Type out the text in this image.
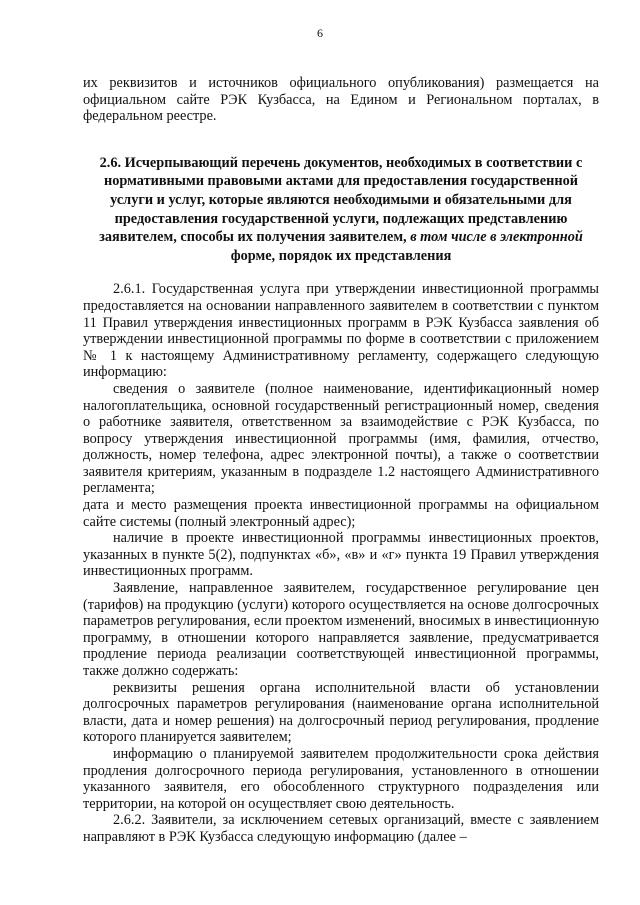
6

их реквизитов и источников официального опубликования) размещается на официальном сайте РЭК Кузбасса, на Едином и Региональном порталах, в федеральном реестре.

2.6. Исчерпывающий перечень документов, необходимых в соответствии с нормативными правовыми актами для предоставления государственной услуги и услуг, которые являются необходимыми и обязательными для предоставления государственной услуги, подлежащих представлению заявителем, способы их получения заявителем, в том числе в электронной форме, порядок их представления

2.6.1. Государственная услуга при утверждении инвестиционной программы предоставляется на основании направленного заявителем в соответствии с пунктом 11 Правил утверждения инвестиционных программ в РЭК Кузбасса заявления об утверждении инвестиционной программы по форме в соответствии с приложением № 1 к настоящему Административному регламенту, содержащего следующую информацию:

сведения о заявителе (полное наименование, идентификационный номер налогоплательщика, основной государственный регистрационный номер, сведения о работнике заявителя, ответственном за взаимодействие с РЭК Кузбасса, по вопросу утверждения инвестиционной программы (имя, фамилия, отчество, должность, номер телефона, адрес электронной почты), а также о соответствии заявителя критериям, указанным в подразделе 1.2 настоящего Административного регламента;

дата и место размещения проекта инвестиционной программы на официальном сайте системы (полный электронный адрес);

наличие в проекте инвестиционной программы инвестиционных проектов, указанных в пункте 5(2), подпунктах «б», «в» и «г» пункта 19 Правил утверждения инвестиционных программ.

Заявление, направленное заявителем, государственное регулирование цен (тарифов) на продукцию (услуги) которого осуществляется на основе долгосрочных параметров регулирования, если проектом изменений, вносимых в инвестиционную программу, в отношении которого направляется заявление, предусматривается продление периода реализации соответствующей инвестиционной программы, также должно содержать:

реквизиты решения органа исполнительной власти об установлении долгосрочных параметров регулирования (наименование органа исполнительной власти, дата и номер решения) на долгосрочный период регулирования, продление которого планируется заявителем;

информацию о планируемой заявителем продолжительности срока действия продления долгосрочного периода регулирования, установленного в отношении указанного заявителя, его обособленного структурного подразделения или территории, на которой он осуществляет свою деятельность.

2.6.2. Заявители, за исключением сетевых организаций, вместе с заявлением направляют в РЭК Кузбасса следующую информацию (далее –
